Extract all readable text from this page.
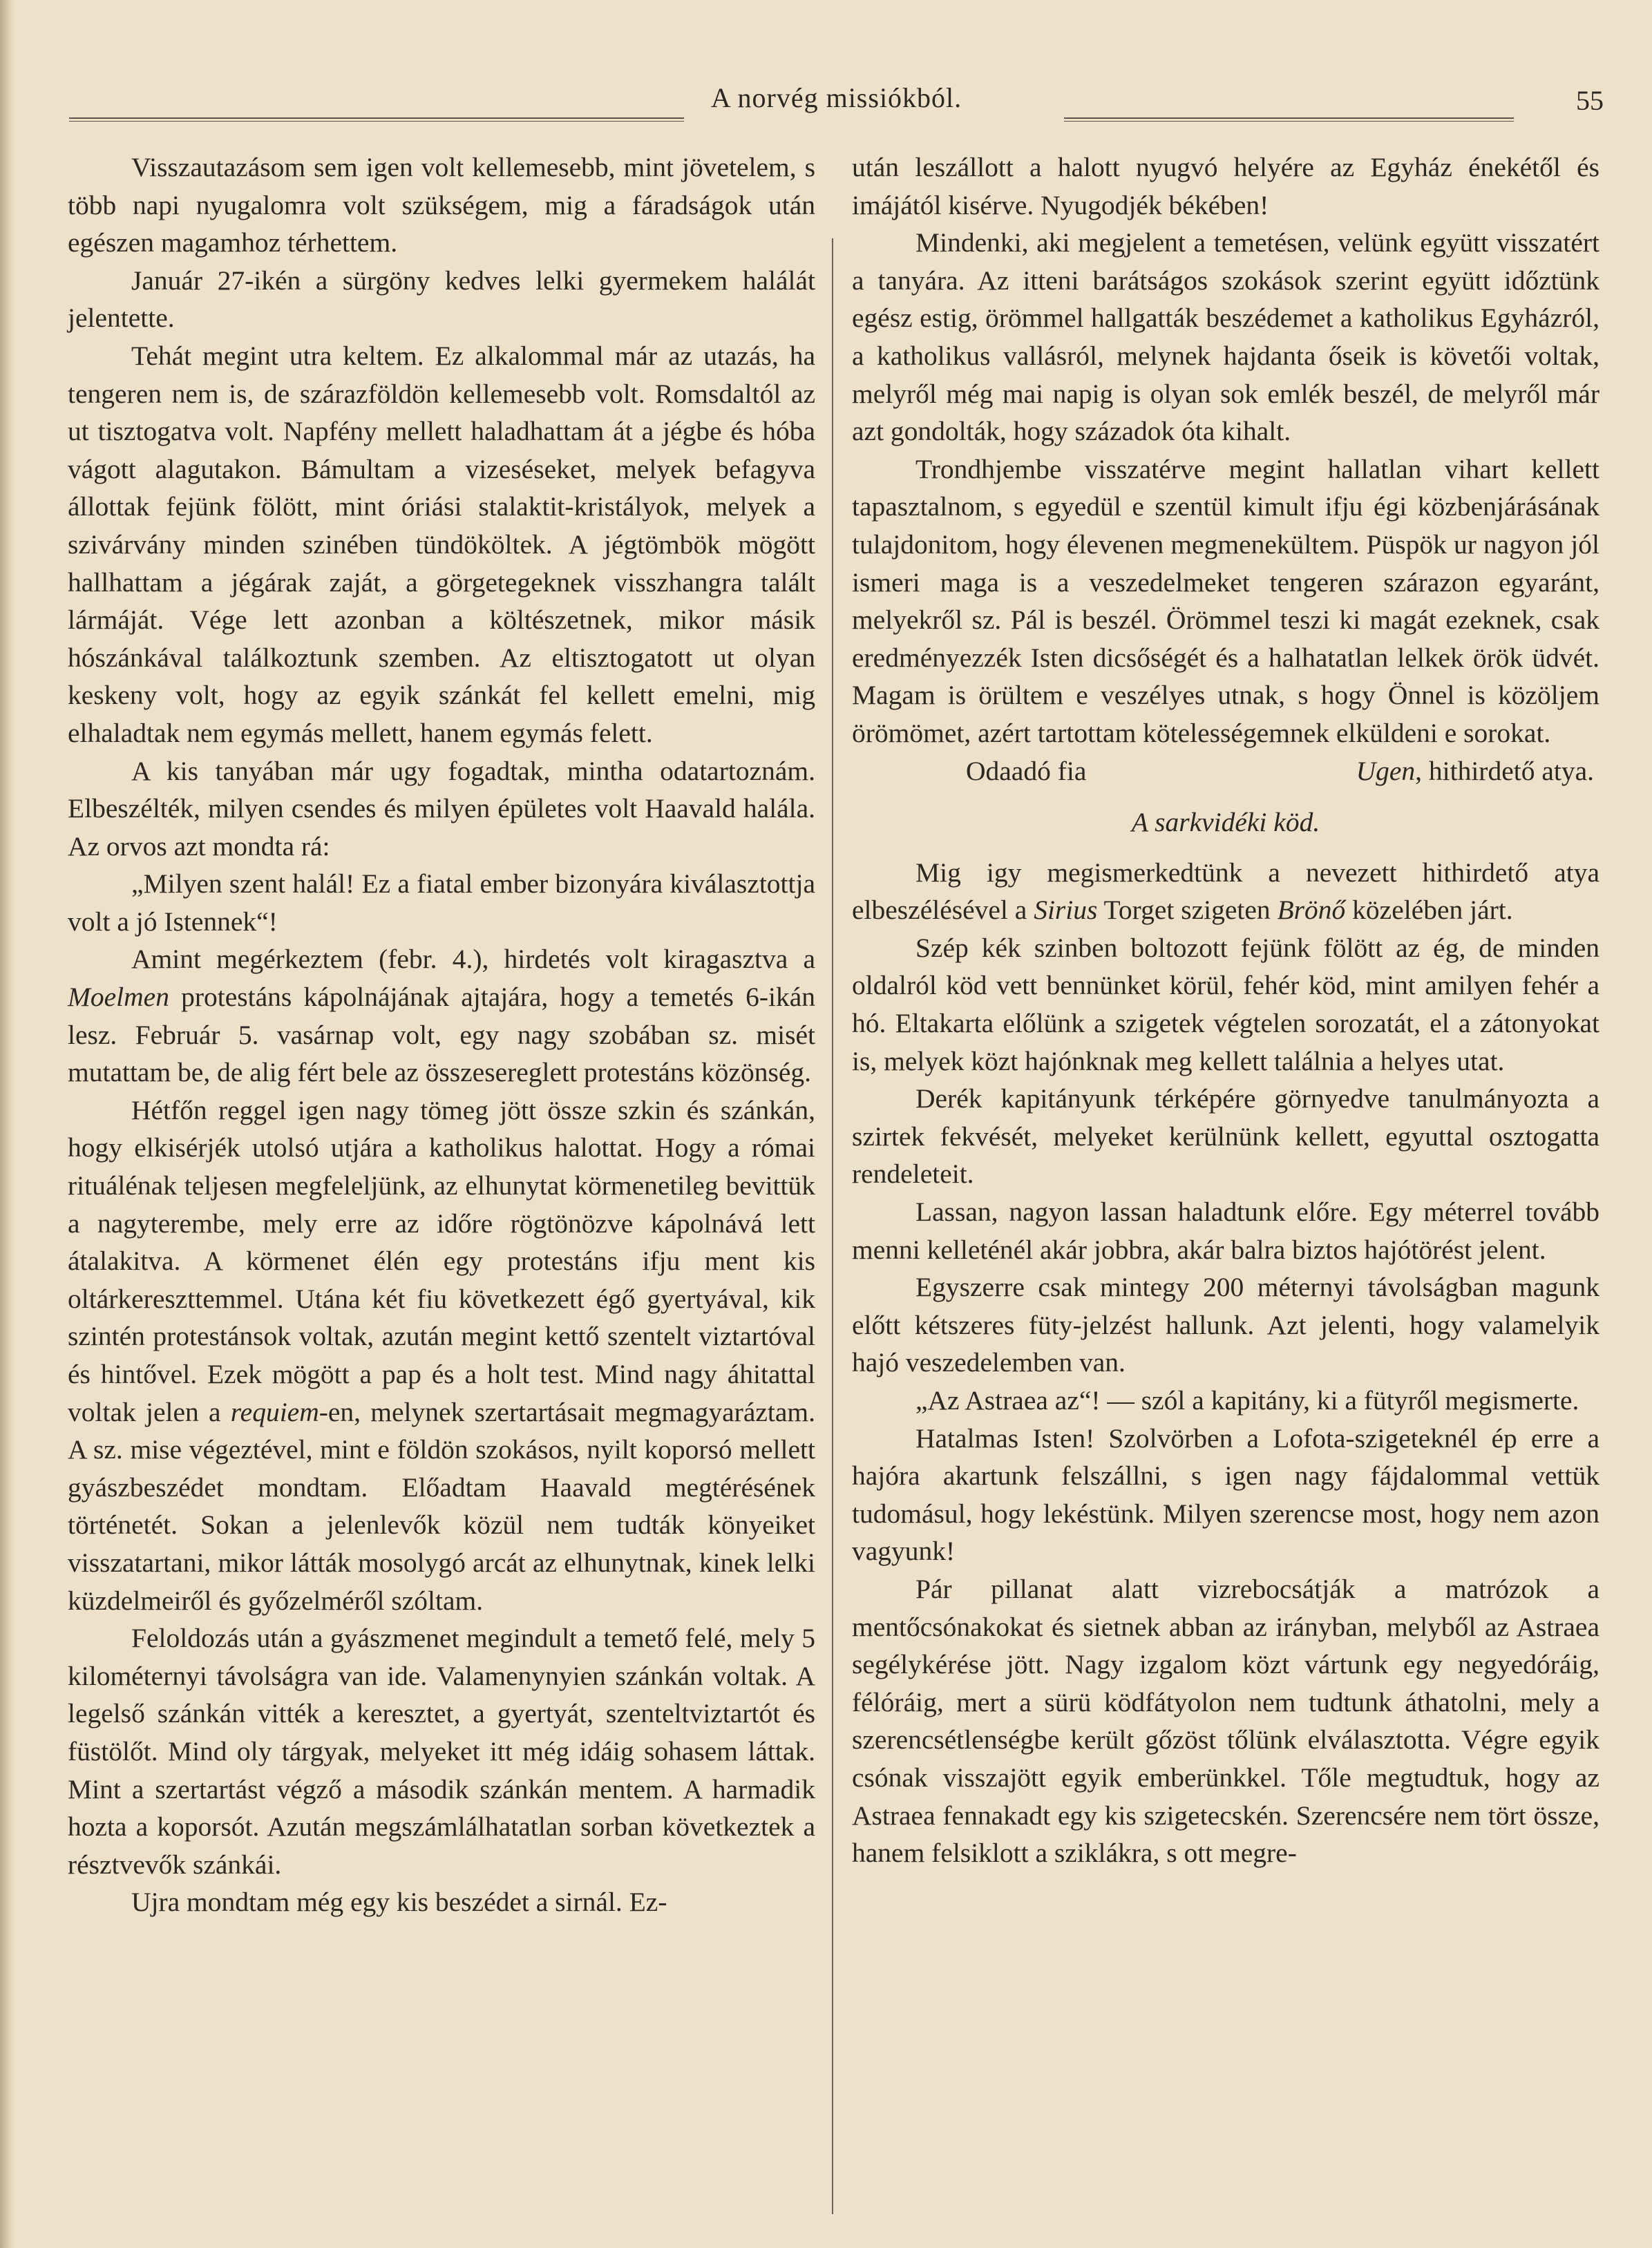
A norvég missiókból.	55

Visszautazásom sem igen volt kellemesebb, mint jövetelem, s több napi nyugalomra volt szükségem, mig a fáradságok után egészen magamhoz térhettem.

Január 27-ikén a sürgöny kedves lelki gyermekem halálát jelentette.

Tehát megint utra keltem. Ez alkalommal már az utazás, ha tengeren nem is, de szárazföldön kellemesebb volt. Romsdaltól az ut tisztogatva volt. Napfény mellett haladhattam át a jégbe és hóba vágott alagutakon. Bámultam a vizeséseket, melyek befagyva állottak fejünk fölött, mint óriási stalaktit-kristályok, melyek a szivárvány minden szinében tündököltek. A jégtömbök mögött hallhattam a jégárak zaját, a görgetegeknek visszhangra talált lármáját. Vége lett azonban a költészetnek, mikor másik hószánkával találkoztunk szemben. Az eltisztogatott ut olyan keskeny volt, hogy az egyik szánkát fel kellett emelni, mig elhaladtak nem egymás mellett, hanem egymás felett.

A kis tanyában már ugy fogadtak, mintha odatartoznám. Elbeszélték, milyen csendes és milyen épületes volt Haavald halála. Az orvos azt mondta rá:

„Milyen szent halál! Ez a fiatal ember bizonyára kiválasztottja volt a jó Istennek“!

Amint megérkeztem (febr. 4.), hirdetés volt kiragasztva a Moelmen protestáns kápolnájának ajtajára, hogy a temetés 6-ikán lesz. Február 5. vasárnap volt, egy nagy szobában sz. misét mutattam be, de alig fért bele az összesereglett protestáns közönség.

Hétfőn reggel igen nagy tömeg jött össze szkin és szánkán, hogy elkisérjék utolsó utjára a katholikus halottat. Hogy a római rituálénak teljesen megfeleljünk, az elhunytat körmenetileg bevittük a nagyterembe, mely erre az időre rögtönözve kápolnává lett átalakitva. A körmenet élén egy protestáns ifju ment kis oltárkereszttemmel. Utána két fiu következett égő gyertyával, kik szintén protestánsok voltak, azután megint kettő szentelt viztartóval és hintővel. Ezek mögött a pap és a holt test. Mind nagy áhitattal voltak jelen a requiem-en, melynek szertartásait megmagyaráztam. A sz. mise végeztével, mint e földön szokásos, nyilt koporsó mellett gyászbeszédet mondtam. Előadtam Haavald megtérésének történetét. Sokan a jelenlevők közül nem tudták könyeiket visszatartani, mikor látták mosolygó arcát az elhunytnak, kinek lelki küzdelmeiről és győzelméről szóltam.

Feloldozás után a gyászmenet megindult a temető felé, mely 5 kilométernyi távolságra van ide. Valamenynyien szánkán voltak. A legelső szánkán vitték a keresztet, a gyertyát, szenteltviztartót és füstölőt. Mind oly tárgyak, melyeket itt még idáig sohasem láttak. Mint a szertartást végző a második szánkán mentem. A harmadik hozta a koporsót. Azután megszámlálhatatlan sorban következtek a résztvevők szánkái.

Ujra mondtam még egy kis beszédet a sirnál. Ez-

után leszállott a halott nyugvó helyére az Egyház énekétől és imájától kisérve. Nyugodjék békében!

Mindenki, aki megjelent a temetésen, velünk együtt visszatért a tanyára. Az itteni barátságos szokások szerint együtt időztünk egész estig, örömmel hallgatták beszédemet a katholikus Egyházról, a katholikus vallásról, melynek hajdanta őseik is követői voltak, melyről még mai napig is olyan sok emlék beszél, de melyről már azt gondolták, hogy századok óta kihalt.

Trondhjembe visszatérve megint hallatlan vihart kellett tapasztalnom, s egyedül e szentül kimult ifju égi közbenjárásának tulajdonitom, hogy élevenen megmenekültem. Püspök ur nagyon jól ismeri maga is a veszedelmeket tengeren szárazon egyaránt, melyekről sz. Pál is beszél. Örömmel teszi ki magát ezeknek, csak eredményezzék Isten dicsőségét és a halhatatlan lelkek örök üdvét. Magam is örültem e veszélyes utnak, s hogy Önnel is közöljem örömömet, azért tartottam kötelességemnek elküldeni e sorokat.

Odaadó fia	Ugen, hithirdető atya.

A sarkvidéki köd.

Mig igy megismerkedtünk a nevezett hithirdető atya elbeszélésével a Sirius Torget szigeten Brönő közelében járt.

Szép kék szinben boltozott fejünk fölött az ég, de minden oldalról köd vett bennünket körül, fehér köd, mint amilyen fehér a hó. Eltakarta előlünk a szigetek végtelen sorozatát, el a zátonyokat is, melyek közt hajónknak meg kellett találnia a helyes utat.

Derék kapitányunk térképére görnyedve tanulmányozta a szirtek fekvését, melyeket kerülnünk kellett, egyuttal osztogatta rendeleteit.

Lassan, nagyon lassan haladtunk előre. Egy méterrel tovább menni kelleténél akár jobbra, akár balra biztos hajótörést jelent.

Egyszerre csak mintegy 200 méternyi távolságban magunk előtt kétszeres füty-jelzést hallunk. Azt jelenti, hogy valamelyik hajó veszedelemben van.

„Az Astraea az“! — szól a kapitány, ki a fütyről megismerte.

Hatalmas Isten! Szolvörben a Lofota-szigeteknél ép erre a hajóra akartunk felszállni, s igen nagy fájdalommal vettük tudomásul, hogy lekéstünk. Milyen szerencse most, hogy nem azon vagyunk!

Pár pillanat alatt vizrebocsátják a matrózok a mentőcsónakokat és sietnek abban az irányban, melyből az Astraea segélykérése jött. Nagy izgalom közt vártunk egy negyedóráig, félóráig, mert a sürü ködfátyolon nem tudtunk áthatolni, mely a szerencsétlenségbe került gőzöst tőlünk elválasztotta. Végre egyik csónak visszajött egyik emberünkkel. Tőle megtudtuk, hogy az Astraea fennakadt egy kis szigetecskén. Szerencsére nem tört össze, hanem felsiklott a sziklákra, s ott megre-
